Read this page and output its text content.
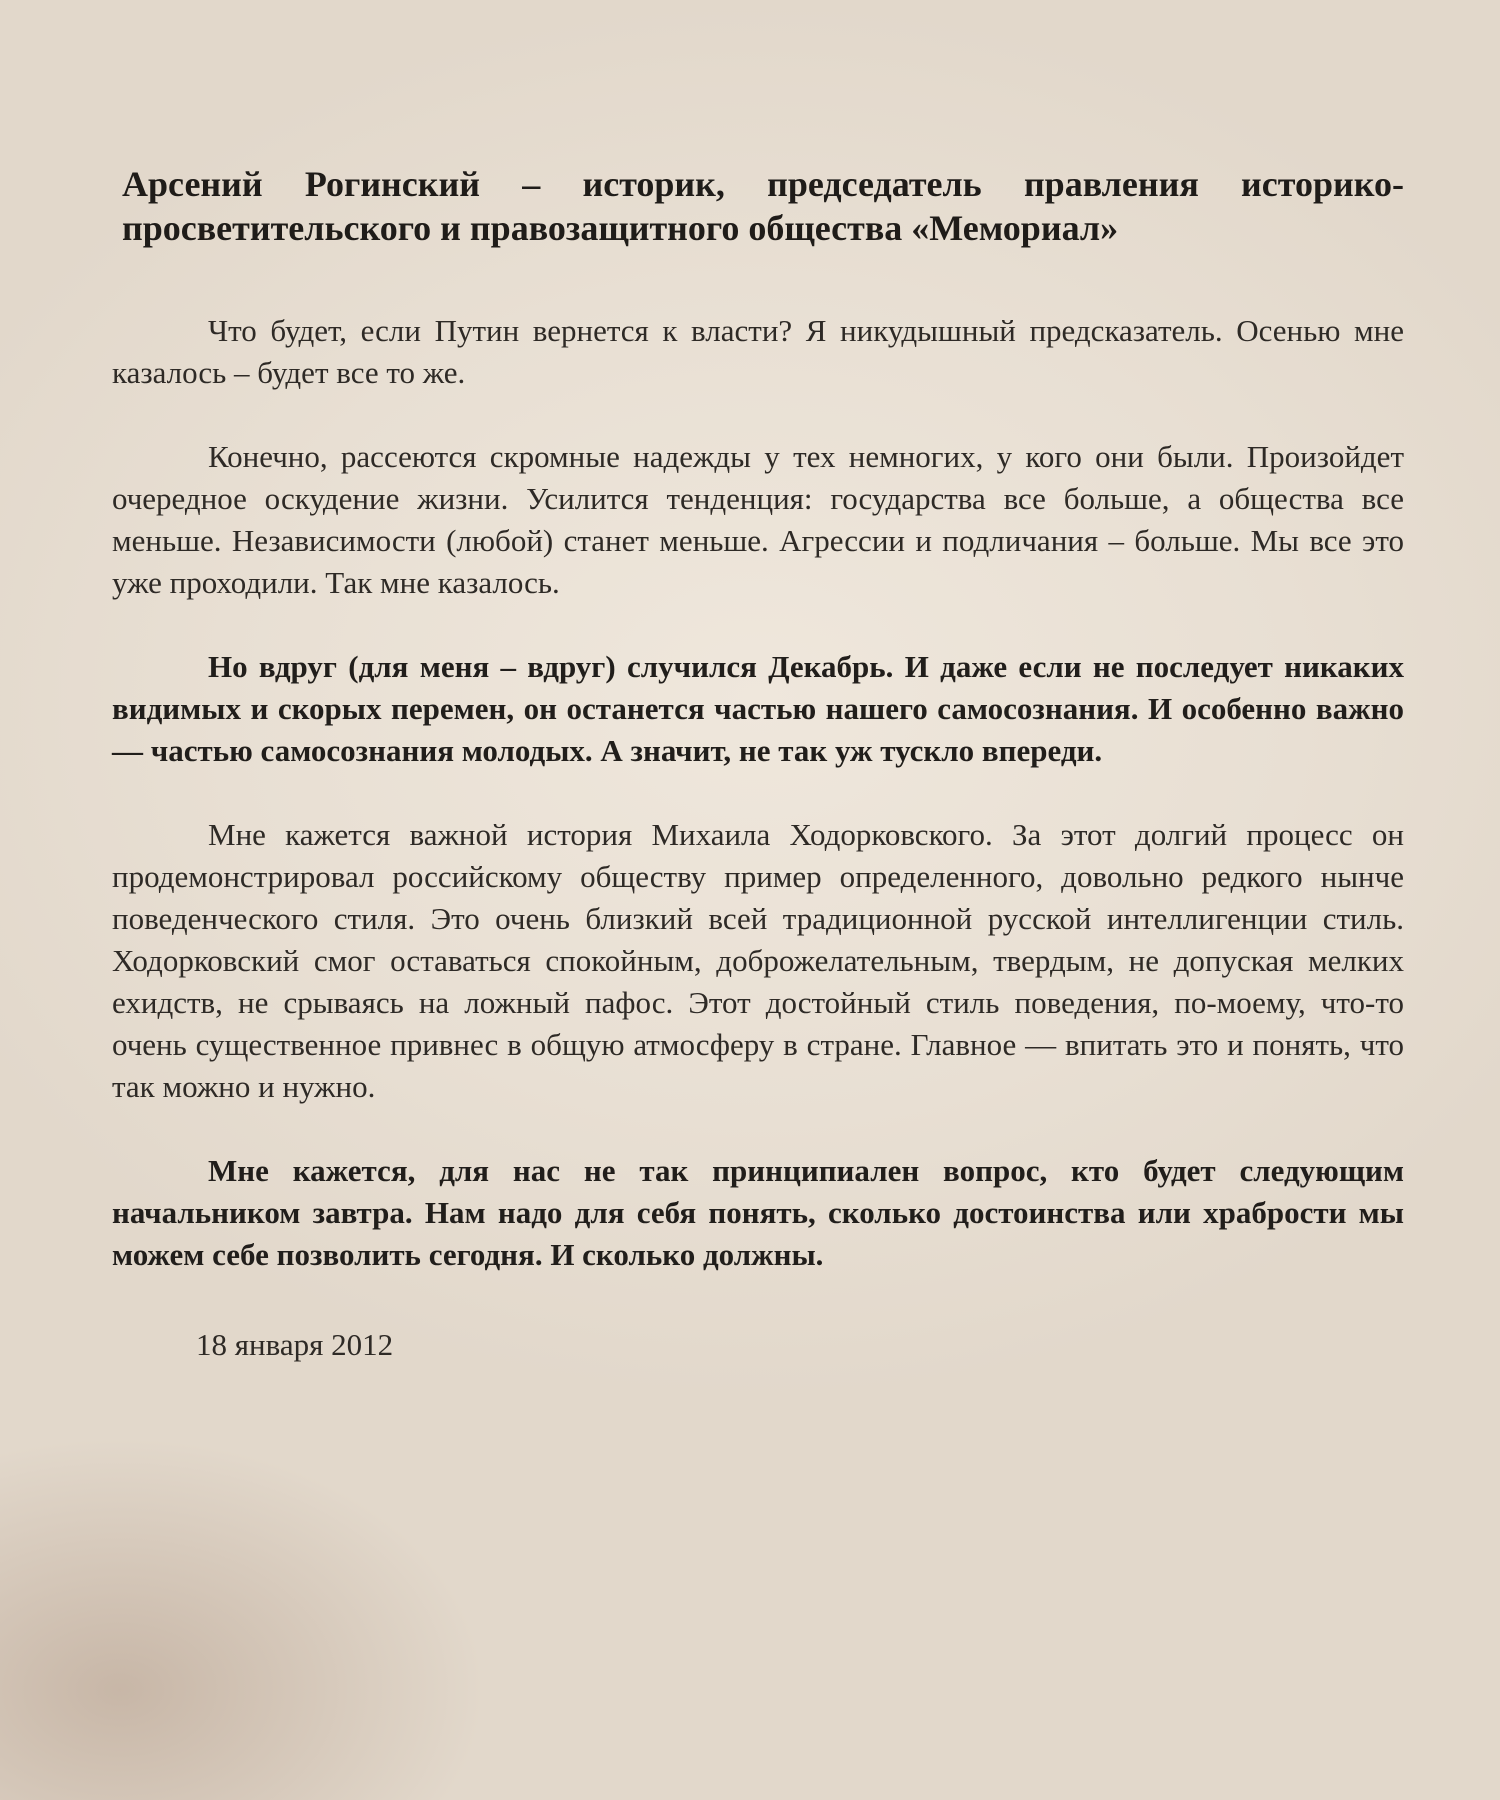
Арсений Рогинский – историк, председатель правления историко-просветительского и правозащитного общества «Мемориал»

Что будет, если Путин вернется к власти? Я никудышный предсказатель. Осенью мне казалось – будет все то же.

Конечно, рассеются скромные надежды у тех немногих, у кого они были. Произойдет очередное оскудение жизни. Усилится тенденция: государства все больше, а общества все меньше. Независимости (любой) станет меньше. Агрессии и подличания – больше. Мы все это уже проходили. Так мне казалось.

Но вдруг (для меня – вдруг) случился Декабрь. И даже если не последует никаких видимых и скорых перемен, он останется частью нашего самосознания. И особенно важно — частью самосознания молодых. А значит, не так уж тускло впереди.

Мне кажется важной история Михаила Ходорковского. За этот долгий процесс он продемонстрировал российскому обществу пример определенного, довольно редкого нынче поведенческого стиля. Это очень близкий всей традиционной русской интеллигенции стиль. Ходорковский смог оставаться спокойным, доброжелательным, твердым, не допуская мелких ехидств, не срываясь на ложный пафос. Этот достойный стиль поведения, по-моему, что-то очень существенное привнес в общую атмосферу в стране. Главное — впитать это и понять, что так можно и нужно.

Мне кажется, для нас не так принципиален вопрос, кто будет следующим начальником завтра. Нам надо для себя понять, сколько достоинства или храбрости мы можем себе позволить сегодня. И сколько должны.

18 января 2012
